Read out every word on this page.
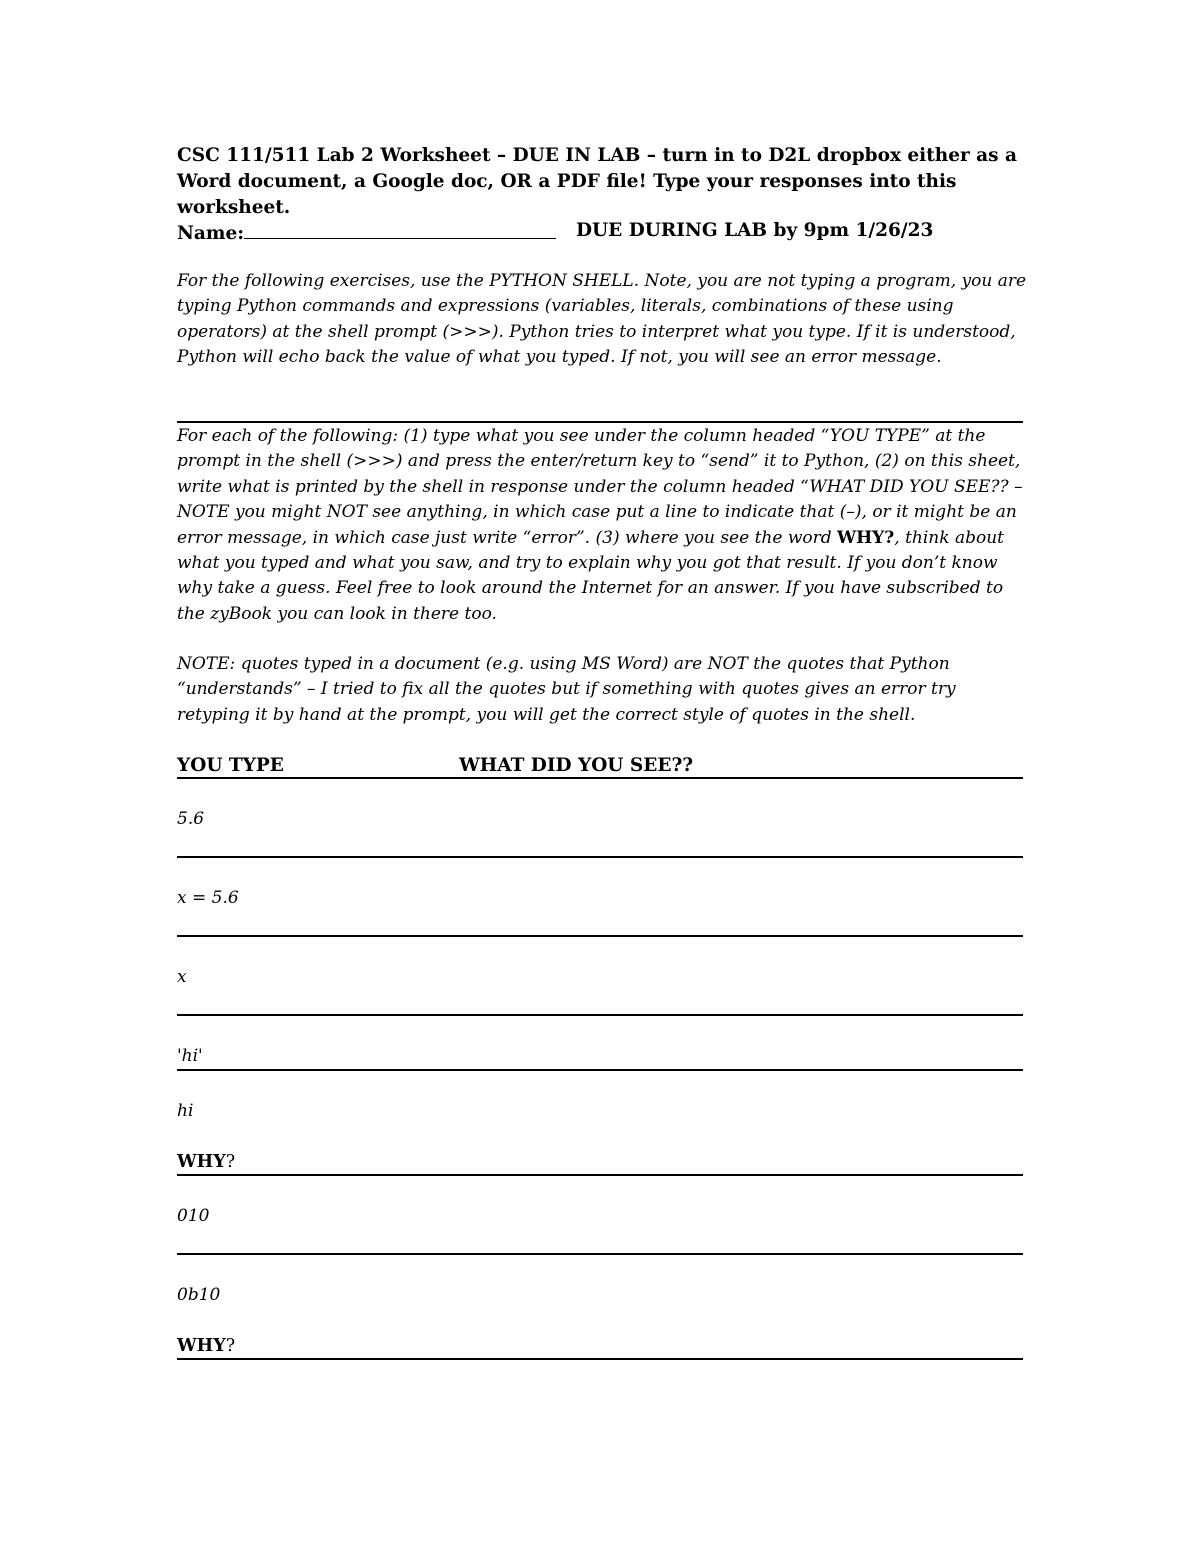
CSC 111/511 Lab 2 Worksheet – DUE IN LAB – turn in to D2L dropbox either as a Word document, a Google doc, OR a PDF file! Type your responses into this worksheet.
Name:	DUE DURING LAB by 9pm 1/26/23
For the following exercises, use the PYTHON SHELL. Note, you are not typing a program, you are typing Python commands and expressions (variables, literals, combinations of these using operators) at the shell prompt (>>>). Python tries to interpret what you type. If it is understood, Python will echo back the value of what you typed. If not, you will see an error message.
For each of the following: (1) type what you see under the column headed “YOU TYPE” at the prompt in the shell (>>>) and press the enter/return key to “send” it to Python, (2) on this sheet, write what is printed by the shell in response under the column headed “WHAT DID YOU SEE?? – NOTE you might NOT see anything, in which case put a line to indicate that (–), or it might be an error message, in which case just write “error”. (3) where you see the word WHY?, think about what you typed and what you saw, and try to explain why you got that result. If you don’t know why take a guess. Feel free to look around the Internet for an answer. If you have subscribed to the zyBook you can look in there too.
NOTE: quotes typed in a document (e.g. using MS Word) are NOT the quotes that Python “understands” – I tried to fix all the quotes but if something with quotes gives an error try retyping it by hand at the prompt, you will get the correct style of quotes in the shell.
YOU TYPE	WHAT DID YOU SEE??
5.6
x = 5.6
x
'hi'
hi
WHY?
010
0b10
WHY?
